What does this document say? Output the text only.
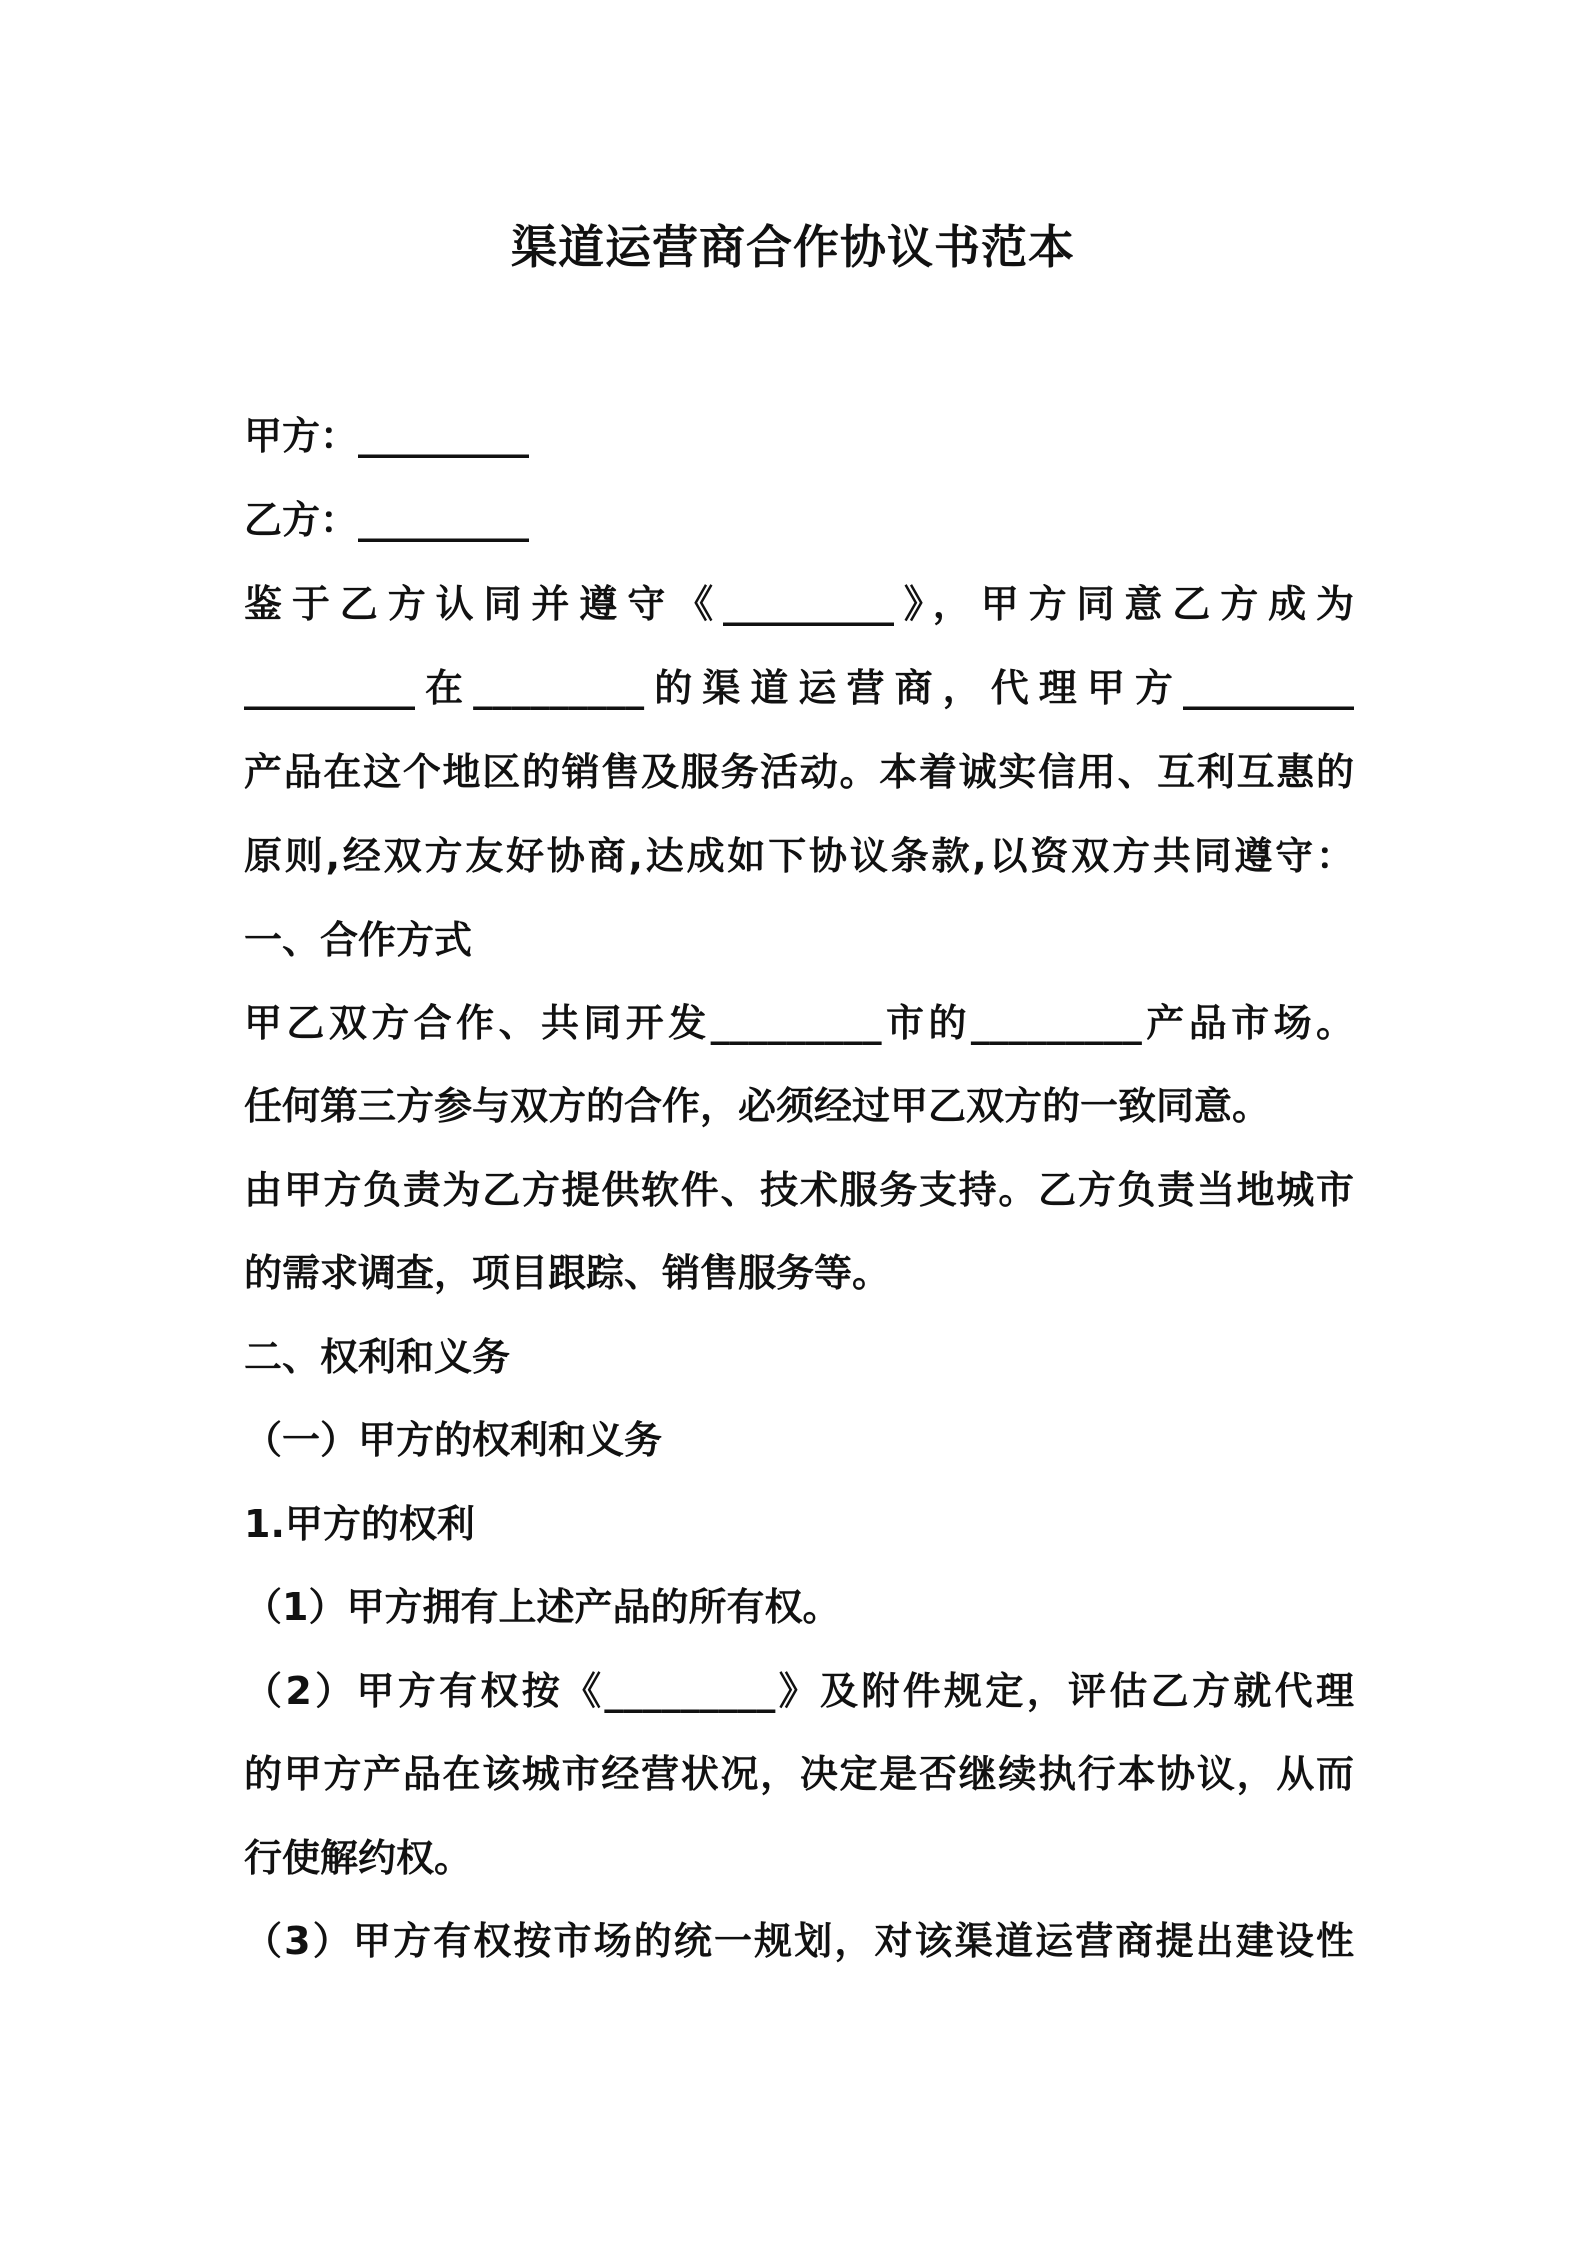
渠道运营商合作协议书范本
甲方：_________
乙方：_________
鉴于乙方认同并遵守《_________》，甲方同意乙方成为
_________在_________的渠道运营商，代理甲方_________
产品在这个地区的销售及服务活动。本着诚实信用、互利互惠的
原则,经双方友好协商,达成如下协议条款,以资双方共同遵守：
一、合作方式
甲乙双方合作、共同开发_________市的_________产品市场。
任何第三方参与双方的合作，必须经过甲乙双方的一致同意。
由甲方负责为乙方提供软件、技术服务支持。乙方负责当地城市
的需求调查，项目跟踪、销售服务等。
二、权利和义务
（一）甲方的权利和义务
1.甲方的权利
（1）甲方拥有上述产品的所有权。
（2）甲方有权按《_________》及附件规定，评估乙方就代理
的甲方产品在该城市经营状况，决定是否继续执行本协议，从而
行使解约权。
（3）甲方有权按市场的统一规划，对该渠道运营商提出建设性
